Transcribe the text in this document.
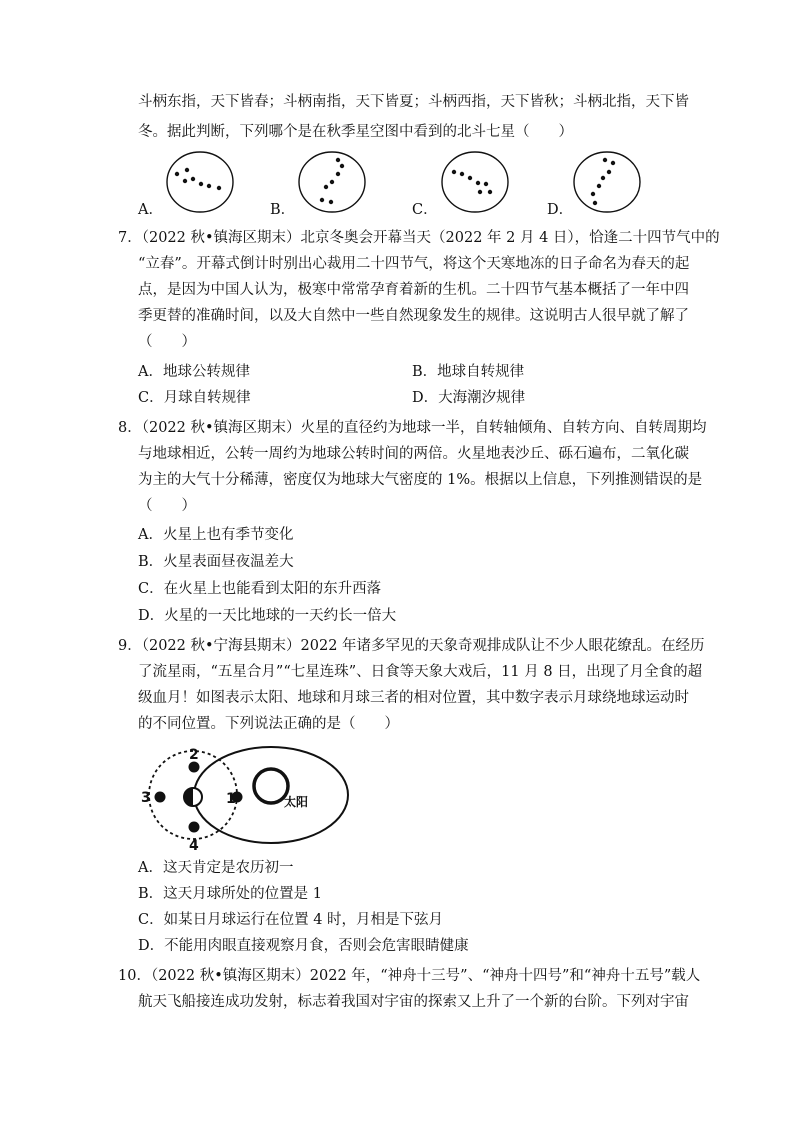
斗柄东指，天下皆春；斗柄南指，天下皆夏；斗柄西指，天下皆秋；斗柄北指，天下皆
冬。据此判断，下列哪个是在秋季星空图中看到的北斗七星（　　）
A．	B．	C．	D．
7．（2022 秋•镇海区期末）北京冬奥会开幕当天（2022 年 2 月 4 日），恰逢二十四节气中的
“立春”。开幕式倒计时别出心裁用二十四节气，将这个天寒地冻的日子命名为春天的起
点，是因为中国人认为，极寒中常常孕育着新的生机。二十四节气基本概括了一年中四
季更替的准确时间，以及大自然中一些自然现象发生的规律。这说明古人很早就了解了
（　　）
A．地球公转规律	B．地球自转规律
C．月球自转规律	D．大海潮汐规律
8．（2022 秋•镇海区期末）火星的直径约为地球一半，自转轴倾角、自转方向、自转周期均
与地球相近，公转一周约为地球公转时间的两倍。火星地表沙丘、砾石遍布，二氧化碳
为主的大气十分稀薄，密度仅为地球大气密度的 1%。根据以上信息，下列推测错误的是
（　　）
A．火星上也有季节变化
B．火星表面昼夜温差大
C．在火星上也能看到太阳的东升西落
D．火星的一天比地球的一天约长一倍大
9．（2022 秋•宁海县期末）2022 年诸多罕见的天象奇观排成队让不少人眼花缭乱。在经历
了流星雨，“五星合月”“七星连珠”、日食等天象大戏后，11 月 8 日，出现了月全食的超
级血月！如图表示太阳、地球和月球三者的相对位置，其中数字表示月球绕地球运动时
的不同位置。下列说法正确的是（　　）
1
2
3
4
太阳
A．这天肯定是农历初一
B．这天月球所处的位置是 1
C．如某日月球运行在位置 4 时，月相是下弦月
D．不能用肉眼直接观察月食，否则会危害眼睛健康
10．（2022 秋•镇海区期末）2022 年，“神舟十三号”、“神舟十四号”和“神舟十五号”载人
航天飞船接连成功发射，标志着我国对宇宙的探索又上升了一个新的台阶。下列对宇宙
